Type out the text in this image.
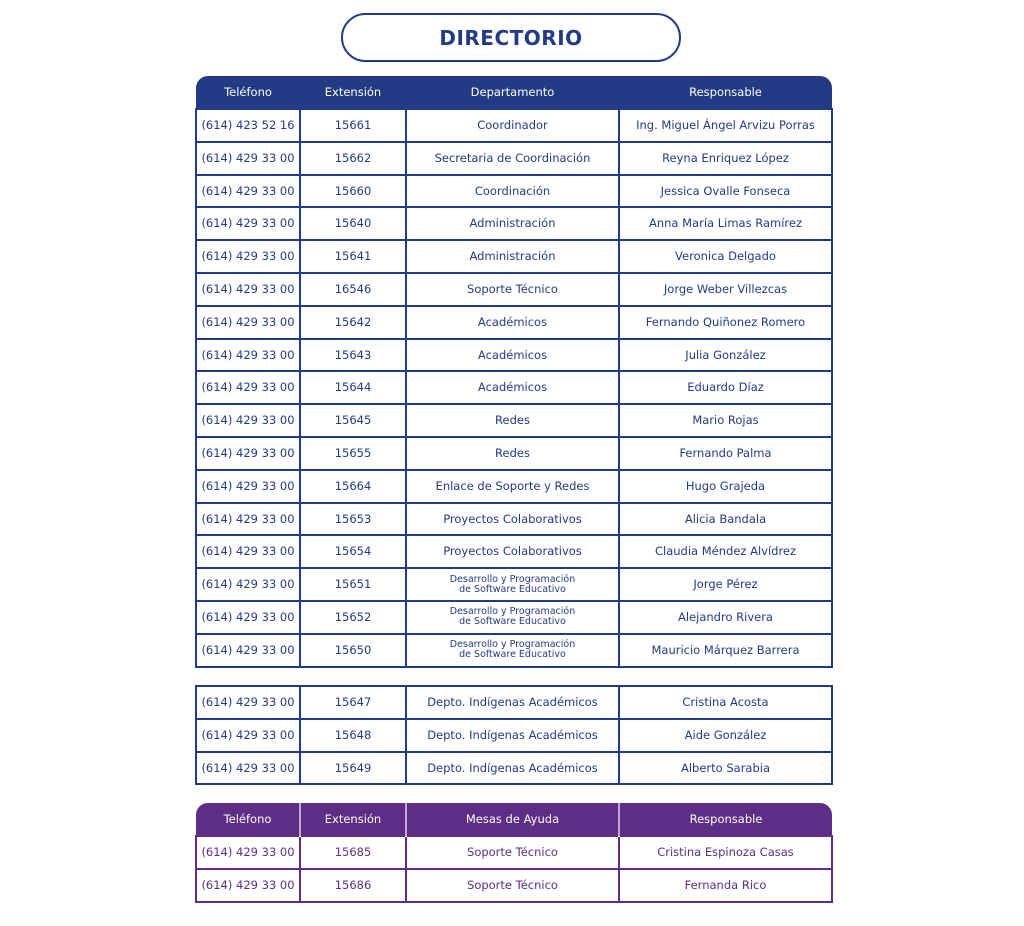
DIRECTORIO
Teléfono	Extensión	Departamento	Responsable
(614) 423 52 16	15661	Coordinador	Ing. Miguel Ángel Arvizu Porras
(614) 429 33 00	15662	Secretaria de Coordinación	Reyna Enriquez López
(614) 429 33 00	15660	Coordinación	Jessica Ovalle Fonseca
(614) 429 33 00	15640	Administración	Anna María Limas Ramírez
(614) 429 33 00	15641	Administración	Veronica Delgado
(614) 429 33 00	16546	Soporte Técnico	Jorge Weber Villezcas
(614) 429 33 00	15642	Académicos	Fernando Quiñonez Romero
(614) 429 33 00	15643	Académicos	Julia González
(614) 429 33 00	15644	Académicos	Eduardo Díaz
(614) 429 33 00	15645	Redes	Mario Rojas
(614) 429 33 00	15655	Redes	Fernando Palma
(614) 429 33 00	15664	Enlace de Soporte y Redes	Hugo Grajeda
(614) 429 33 00	15653	Proyectos Colaborativos	Alicia Bandala
(614) 429 33 00	15654	Proyectos Colaborativos	Claudia Méndez Alvídrez
(614) 429 33 00	15651	Desarrollo y Programación
de Software Educativo	Jorge Pérez
(614) 429 33 00	15652	Desarrollo y Programación
de Software Educativo	Alejandro Rivera
(614) 429 33 00	15650	Desarrollo y Programación
de Software Educativo	Mauricio Márquez Barrera
(614) 429 33 00	15647	Depto. Indígenas Académicos	Cristina Acosta
(614) 429 33 00	15648	Depto. Indígenas Académicos	Aide González
(614) 429 33 00	15649	Depto. Indígenas Académicos	Alberto Sarabia
Teléfono	Extensión	Mesas de Ayuda	Responsable
(614) 429 33 00	15685	Soporte Técnico	Cristina Espinoza Casas
(614) 429 33 00	15686	Soporte Técnico	Fernanda Rico
